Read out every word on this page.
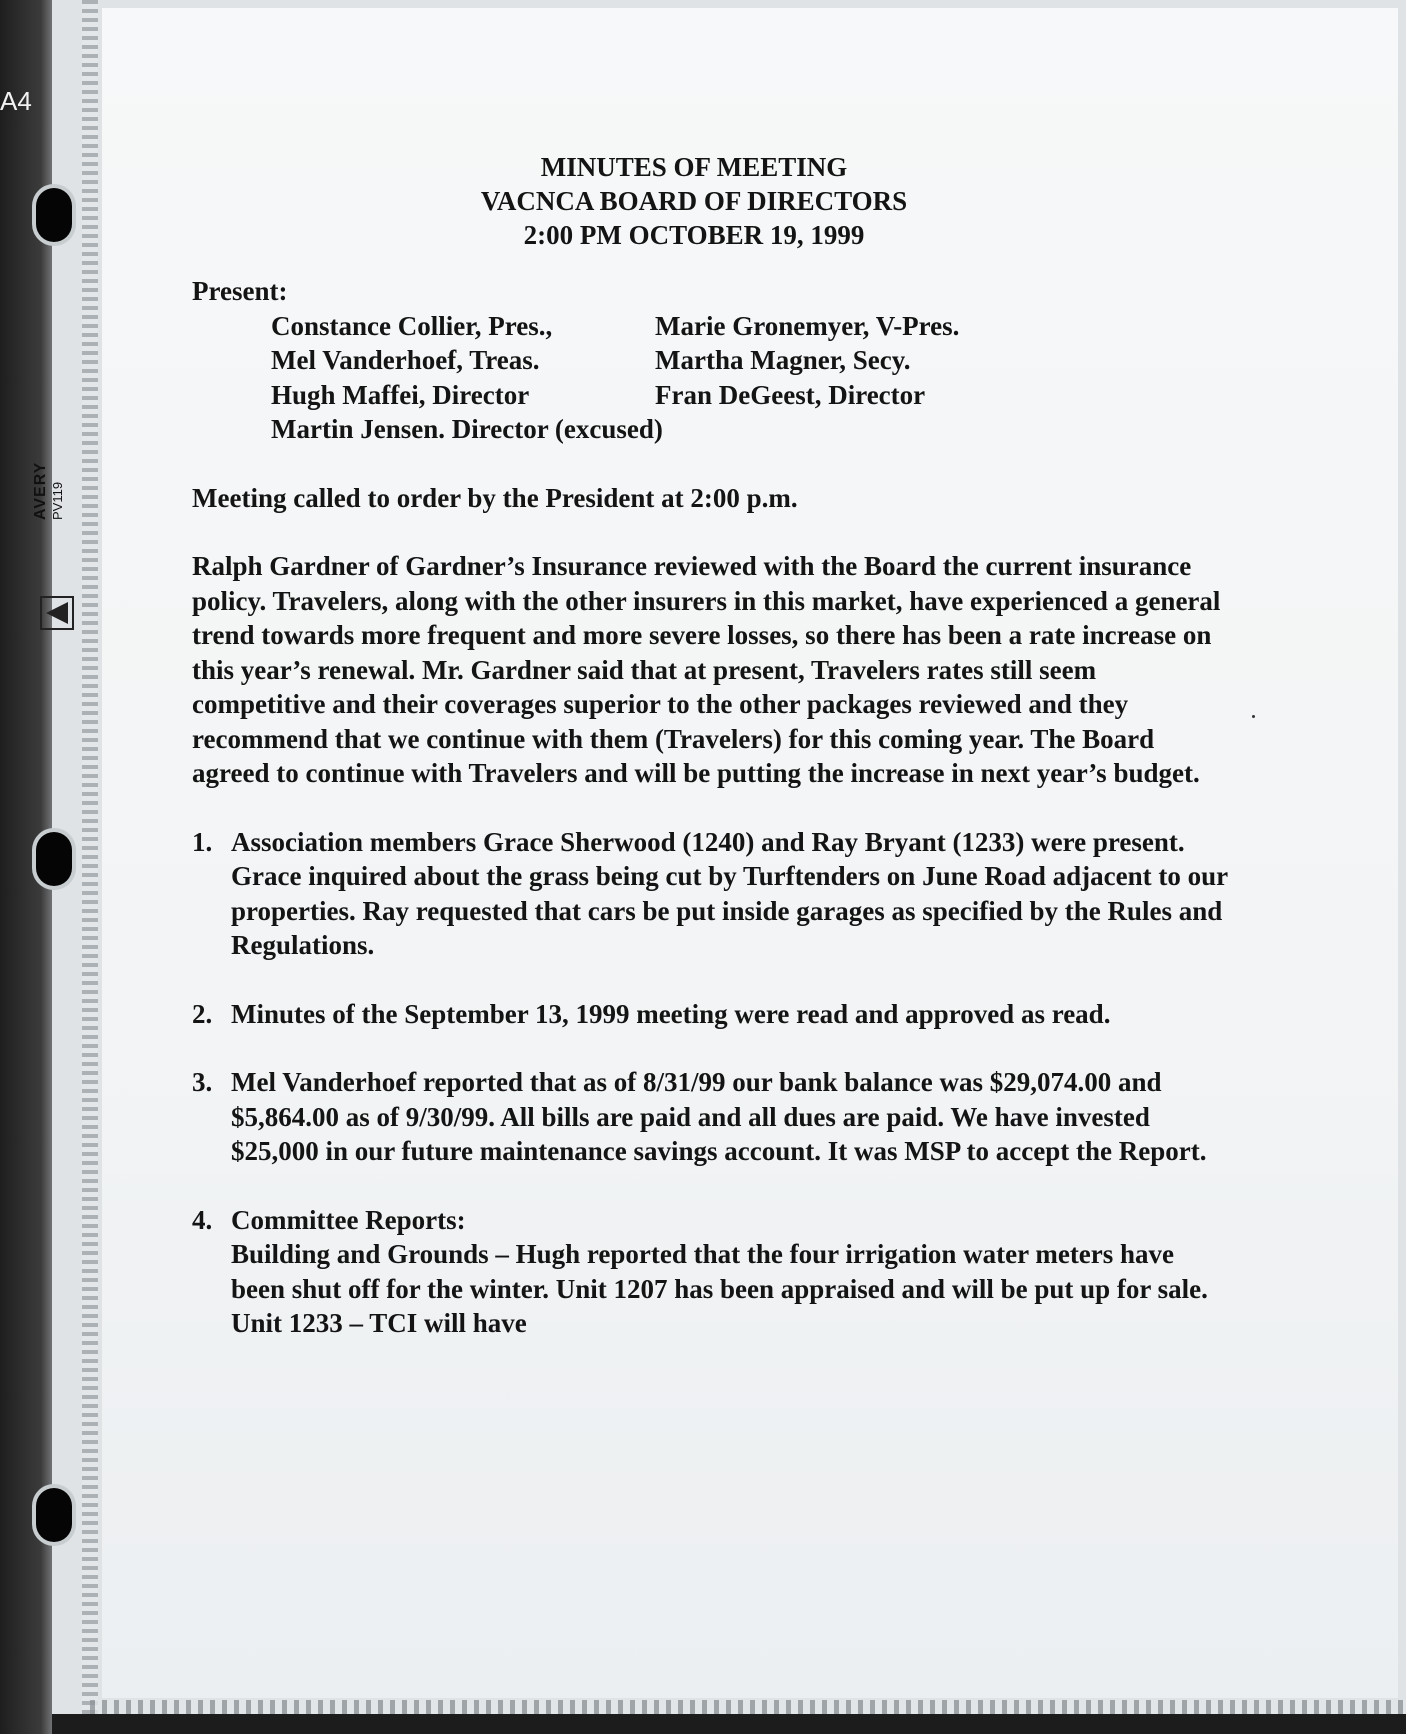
A4
AVERY PV119
MINUTES OF MEETING
VACNCA BOARD OF DIRECTORS
2:00 PM OCTOBER 19, 1999
Present:
Constance Collier, Pres.,	Marie Gronemyer, V-Pres.
Mel Vanderhoef, Treas.	Martha Magner, Secy.
Hugh Maffei, Director	Fran DeGeest, Director
Martin Jensen. Director (excused)
Meeting called to order by the President at 2:00 p.m.

Ralph Gardner of Gardner’s Insurance reviewed with the Board the current insurance policy. Travelers, along with the other insurers in this market, have experienced a general trend towards more frequent and more severe losses, so there has been a rate increase on this year’s renewal. Mr. Gardner said that at present, Travelers rates still seem competitive and their coverages superior to the other packages reviewed and they recommend that we continue with them (Travelers) for this coming year. The Board agreed to continue with Travelers and will be putting the increase in next year’s budget.

1. Association members Grace Sherwood (1240) and Ray Bryant (1233) were present. Grace inquired about the grass being cut by Turftenders on June Road adjacent to our properties. Ray requested that cars be put inside garages as specified by the Rules and Regulations.
2. Minutes of the September 13, 1999 meeting were read and approved as read.
3. Mel Vanderhoef reported that as of 8/31/99 our bank balance was $29,074.00 and $5,864.00 as of 9/30/99. All bills are paid and all dues are paid. We have invested $25,000 in our future maintenance savings account. It was MSP to accept the Report.
4. Committee Reports:
Building and Grounds – Hugh reported that the four irrigation water meters have been shut off for the winter. Unit 1207 has been appraised and will be put up for sale. Unit 1233 – TCI will have
